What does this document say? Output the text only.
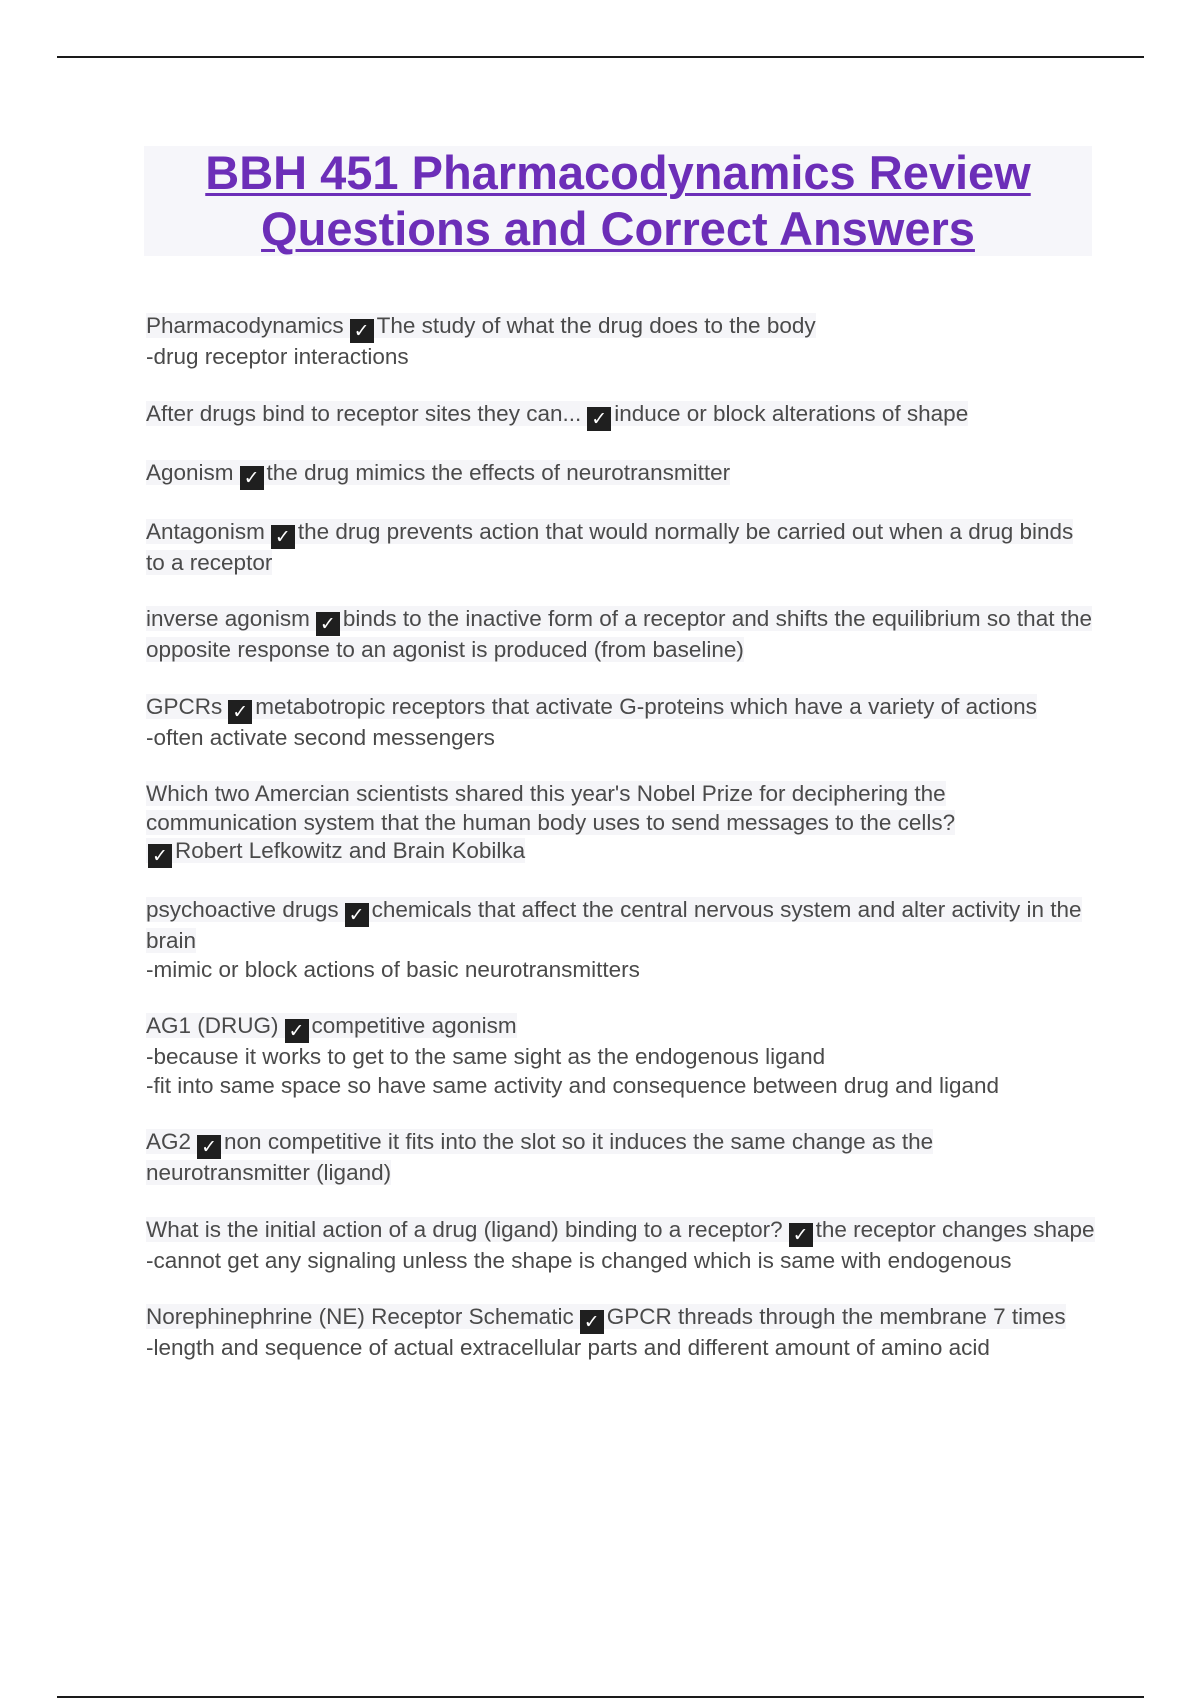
BBH 451 Pharmacodynamics Review
Questions and Correct Answers

Pharmacodynamics ✓ The study of what the drug does to the body
-drug receptor interactions

After drugs bind to receptor sites they can... ✓ induce or block alterations of shape

Agonism ✓ the drug mimics the effects of neurotransmitter

Antagonism ✓ the drug prevents action that would normally be carried out when a drug binds to a receptor

inverse agonism ✓ binds to the inactive form of a receptor and shifts the equilibrium so that the opposite response to an agonist is produced (from baseline)

GPCRs ✓ metabotropic receptors that activate G-proteins which have a variety of actions
-often activate second messengers

Which two Amercian scientists shared this year's Nobel Prize for deciphering the communication system that the human body uses to send messages to the cells?
✓ Robert Lefkowitz and Brain Kobilka

psychoactive drugs ✓ chemicals that affect the central nervous system and alter activity in the brain
-mimic or block actions of basic neurotransmitters

AG1 (DRUG) ✓ competitive agonism
-because it works to get to the same sight as the endogenous ligand
-fit into same space so have same activity and consequence between drug and ligand

AG2 ✓ non competitive it fits into the slot so it induces the same change as the neurotransmitter (ligand)

What is the initial action of a drug (ligand) binding to a receptor? ✓ the receptor changes shape
-cannot get any signaling unless the shape is changed which is same with endogenous

Norephinephrine (NE) Receptor Schematic ✓ GPCR threads through the membrane 7 times
-length and sequence of actual extracellular parts and different amount of amino acid
